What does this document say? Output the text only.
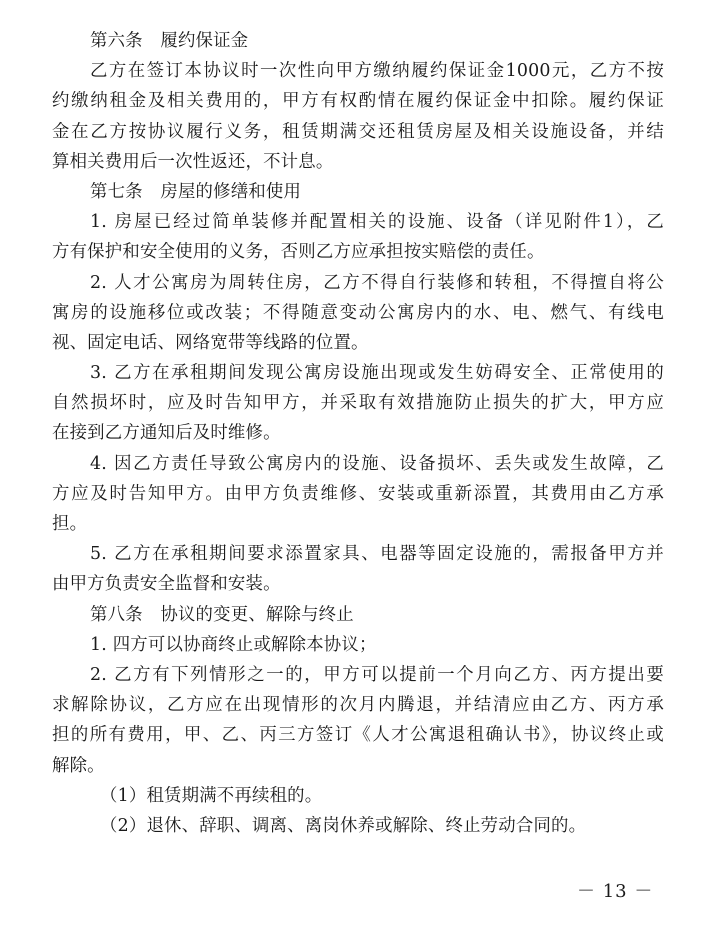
第六条　履约保证金
乙方在签订本协议时一次性向甲方缴纳履约保证金1000元，乙方不按
约缴纳租金及相关费用的，甲方有权酌情在履约保证金中扣除。履约保证
金在乙方按协议履行义务，租赁期满交还租赁房屋及相关设施设备，并结
算相关费用后一次性返还，不计息。
第七条　房屋的修缮和使用
1. 房屋已经过简单装修并配置相关的设施、设备（详见附件1），乙
方有保护和安全使用的义务，否则乙方应承担按实赔偿的责任。
2. 人才公寓房为周转住房，乙方不得自行装修和转租，不得擅自将公
寓房的设施移位或改装；不得随意变动公寓房内的水、电、燃气、有线电
视、固定电话、网络宽带等线路的位置。
3. 乙方在承租期间发现公寓房设施出现或发生妨碍安全、正常使用的
自然损坏时，应及时告知甲方，并采取有效措施防止损失的扩大，甲方应
在接到乙方通知后及时维修。
4. 因乙方责任导致公寓房内的设施、设备损坏、丢失或发生故障，乙
方应及时告知甲方。由甲方负责维修、安装或重新添置，其费用由乙方承
担。
5. 乙方在承租期间要求添置家具、电器等固定设施的，需报备甲方并
由甲方负责安全监督和安装。
第八条　协议的变更、解除与终止
1. 四方可以协商终止或解除本协议；
2. 乙方有下列情形之一的，甲方可以提前一个月向乙方、丙方提出要
求解除协议，乙方应在出现情形的次月内腾退，并结清应由乙方、丙方承
担的所有费用，甲、乙、丙三方签订《人才公寓退租确认书》，协议终止或
解除。
（1）租赁期满不再续租的。
（2）退休、辞职、调离、离岗休养或解除、终止劳动合同的。
－ 13 －
